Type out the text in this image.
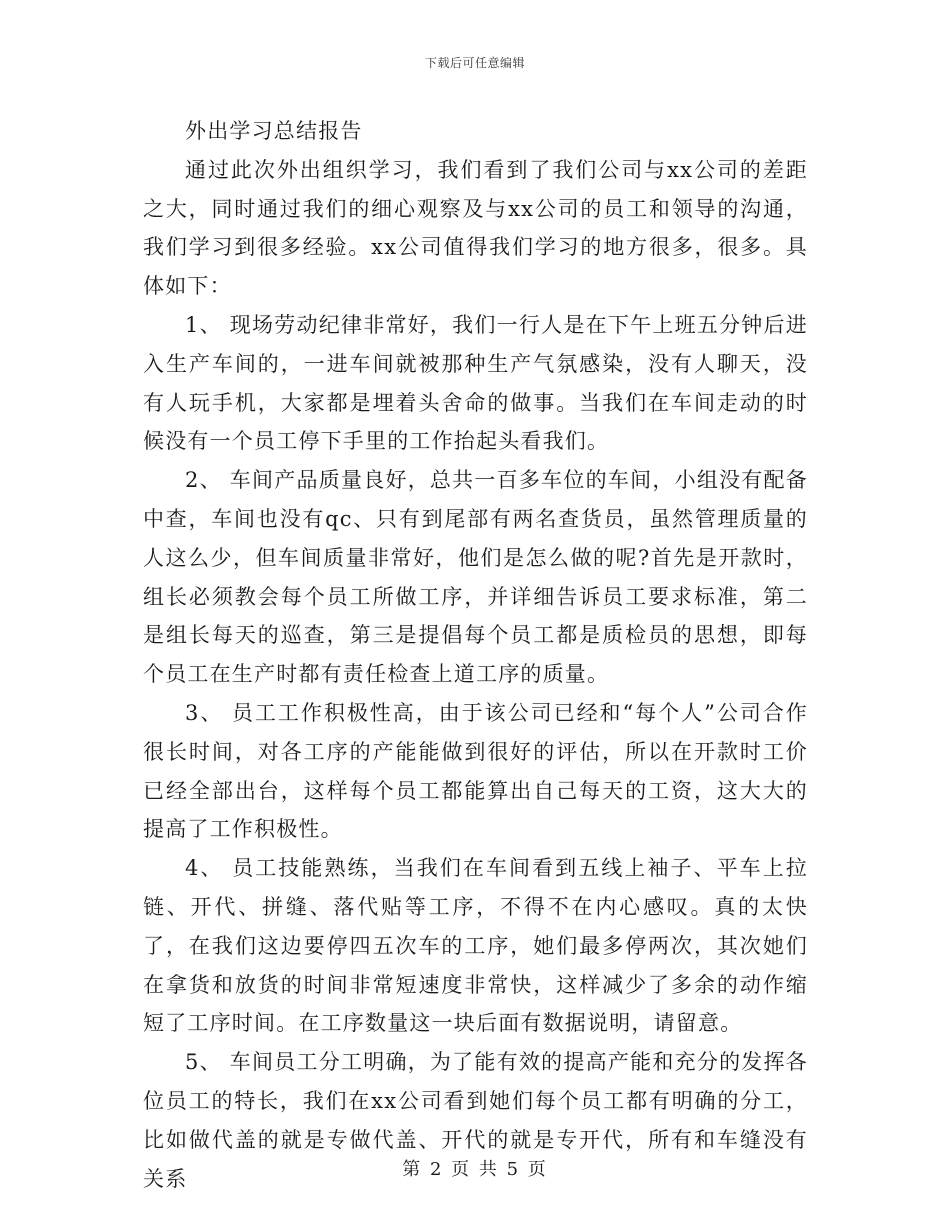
下载后可任意编辑

外出学习总结报告

通过此次外出组织学习，我们看到了我们公司与xx公司的差距之大，同时通过我们的细心观察及与xx公司的员工和领导的沟通，我们学习到很多经验。xx公司值得我们学习的地方很多，很多。具体如下：

1、 现场劳动纪律非常好，我们一行人是在下午上班五分钟后进入生产车间的，一进车间就被那种生产气氛感染，没有人聊天，没有人玩手机，大家都是埋着头舍命的做事。当我们在车间走动的时候没有一个员工停下手里的工作抬起头看我们。

2、 车间产品质量良好，总共一百多车位的车间，小组没有配备中查，车间也没有qc、只有到尾部有两名查货员，虽然管理质量的人这么少，但车间质量非常好，他们是怎么做的呢?首先是开款时，组长必须教会每个员工所做工序，并详细告诉员工要求标准，第二是组长每天的巡查，第三是提倡每个员工都是质检员的思想，即每个员工在生产时都有责任检查上道工序的质量。

3、 员工工作积极性高，由于该公司已经和“每个人”公司合作很长时间，对各工序的产能能做到很好的评估，所以在开款时工价已经全部出台，这样每个员工都能算出自己每天的工资，这大大的提高了工作积极性。

4、 员工技能熟练，当我们在车间看到五线上袖子、平车上拉链、开代、拼缝、落代贴等工序，不得不在内心感叹。真的太快了，在我们这边要停四五次车的工序，她们最多停两次，其次她们在拿货和放货的时间非常短速度非常快，这样减少了多余的动作缩短了工序时间。在工序数量这一块后面有数据说明，请留意。

5、 车间员工分工明确，为了能有效的提高产能和充分的发挥各位员工的特长，我们在xx公司看到她们每个员工都有明确的分工，比如做代盖的就是专做代盖、开代的就是专开代，所有和车缝没有关系	第 2 页 共 5 页
